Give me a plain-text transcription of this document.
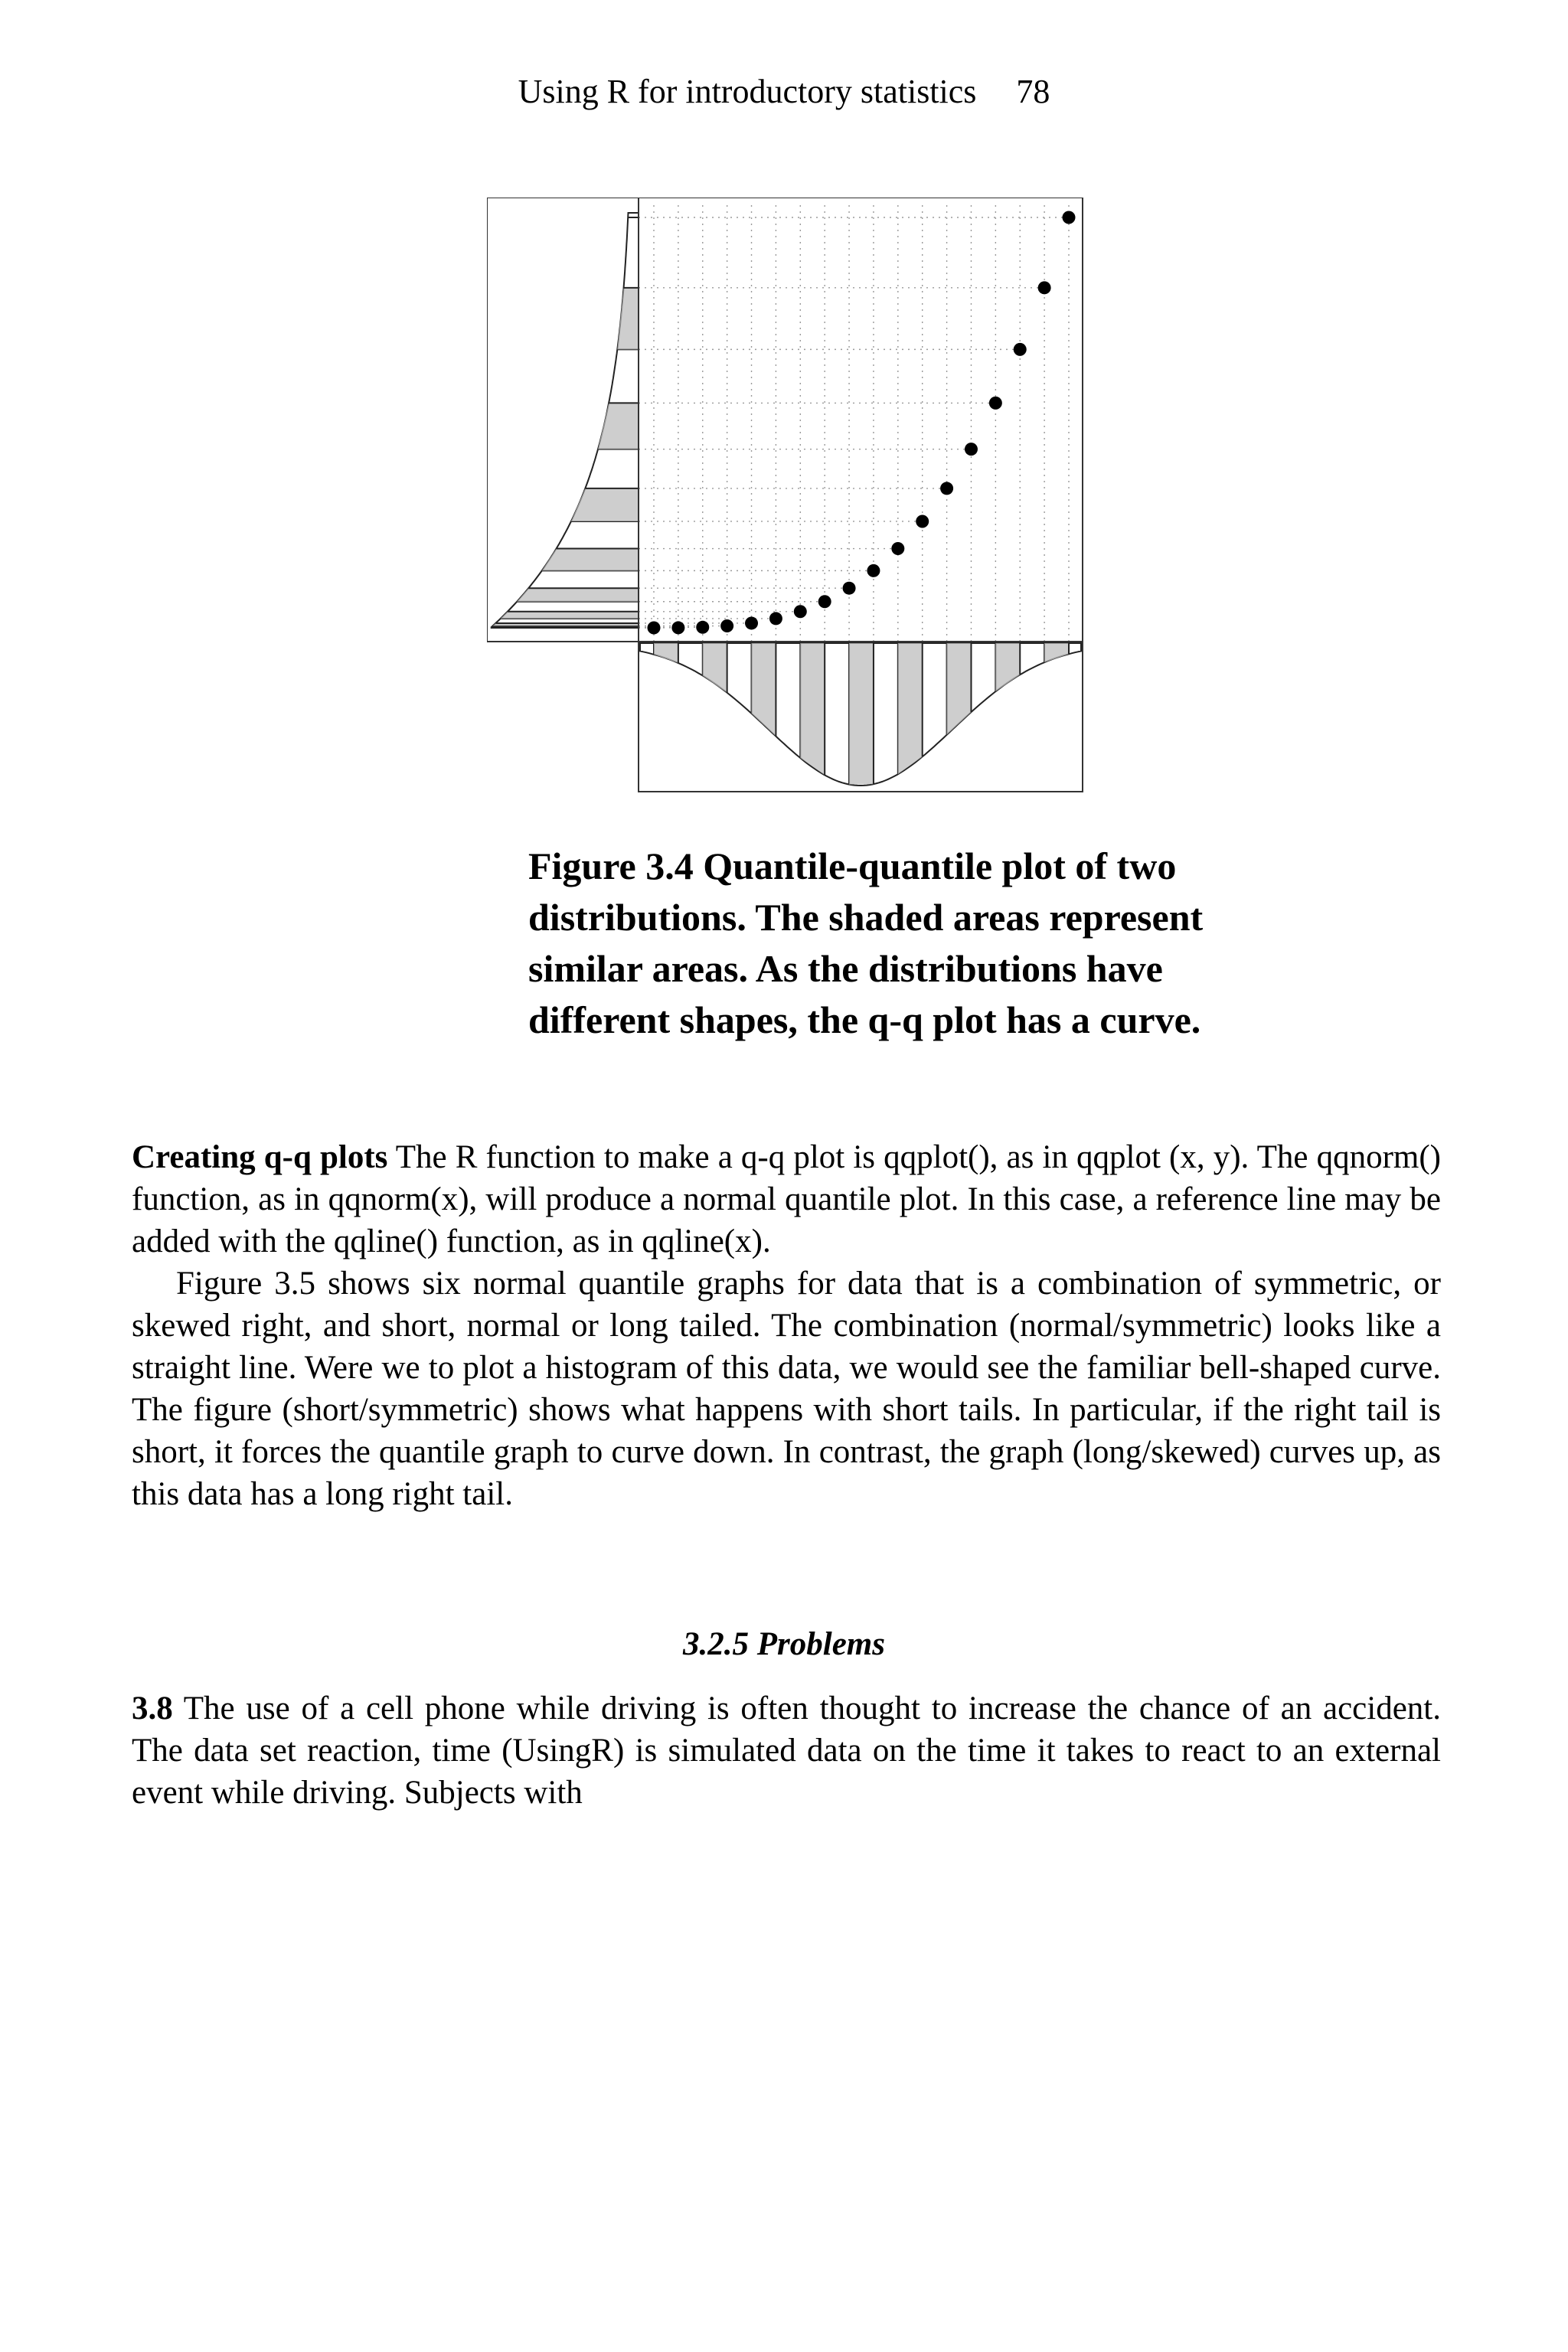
Using R for introductory statistics 78
Figure 3.4 Quantile-quantile plot of two distributions. The shaded areas represent similar areas. As the distributions have different shapes, the q-q plot has a curve.

Creating q-q plots The R function to make a q-q plot is qqplot(), as in qqplot (x, y). The qqnorm() function, as in qqnorm(x), will produce a normal quantile plot. In this case, a reference line may be added with the qqline() function, as in qqline(x).

Figure 3.5 shows six normal quantile graphs for data that is a combination of symmetric, or skewed right, and short, normal or long tailed. The combination (normal/symmetric) looks like a straight line. Were we to plot a histogram of this data, we would see the familiar bell-shaped curve. The figure (short/symmetric) shows what happens with short tails. In particular, if the right tail is short, it forces the quantile graph to curve down. In contrast, the graph (long/skewed) curves up, as this data has a long right tail.

3.2.5 Problems

3.8 The use of a cell phone while driving is often thought to increase the chance of an accident. The data set reaction, time (UsingR) is simulated data on the time it takes to react to an external event while driving. Subjects with
